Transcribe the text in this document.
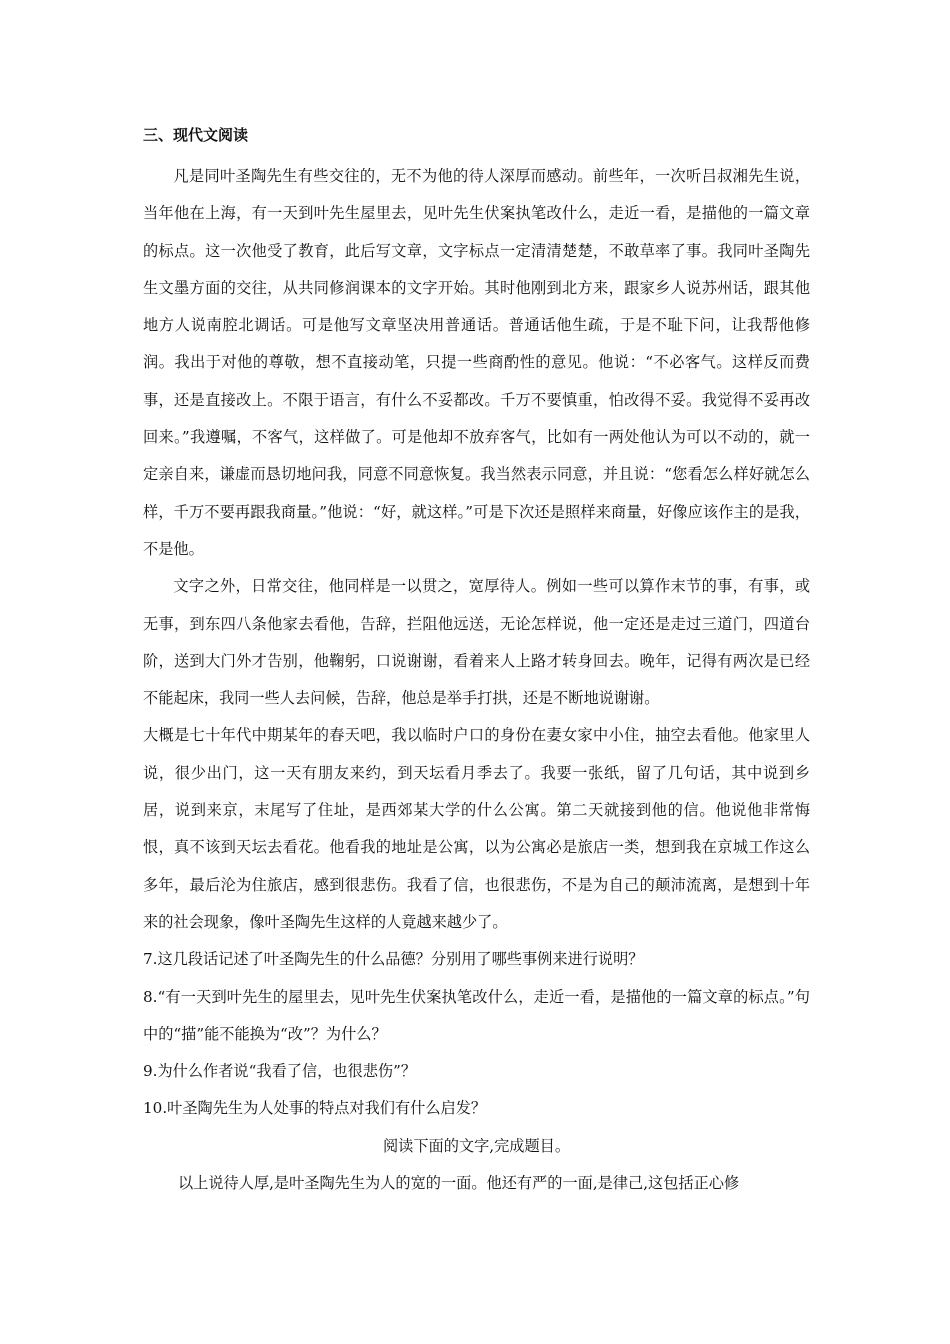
三、现代文阅读

凡是同叶圣陶先生有些交往的，无不为他的待人深厚而感动。前些年，一次听吕叔湘先生说，当年他在上海，有一天到叶先生屋里去，见叶先生伏案执笔改什么，走近一看，是描他的一篇文章的标点。这一次他受了教育，此后写文章，文字标点一定清清楚楚，不敢草率了事。我同叶圣陶先生文墨方面的交往，从共同修润课本的文字开始。其时他刚到北方来，跟家乡人说苏州话，跟其他地方人说南腔北调话。可是他写文章坚决用普通话。普通话他生疏，于是不耻下问，让我帮他修润。我出于对他的尊敬，想不直接动笔，只提一些商酌性的意见。他说：“不必客气。这样反而费事，还是直接改上。不限于语言，有什么不妥都改。千万不要慎重，怕改得不妥。我觉得不妥再改回来。”我遵嘱，不客气，这样做了。可是他却不放弃客气，比如有一两处他认为可以不动的，就一定亲自来，谦虚而恳切地问我，同意不同意恢复。我当然表示同意，并且说：“您看怎么样好就怎么样，千万不要再跟我商量。”他说：“好，就这样。”可是下次还是照样来商量，好像应该作主的是我，不是他。

文字之外，日常交往，他同样是一以贯之，宽厚待人。例如一些可以算作末节的事，有事，或无事，到东四八条他家去看他，告辞，拦阻他远送，无论怎样说，他一定还是走过三道门，四道台阶，送到大门外才告别，他鞠躬，口说谢谢，看着来人上路才转身回去。晚年，记得有两次是已经不能起床，我同一些人去问候，告辞，他总是举手打拱，还是不断地说谢谢。

大概是七十年代中期某年的春天吧，我以临时户口的身份在妻女家中小住，抽空去看他。他家里人说，很少出门，这一天有朋友来约，到天坛看月季去了。我要一张纸，留了几句话，其中说到乡居，说到来京，末尾写了住址，是西郊某大学的什么公寓。第二天就接到他的信。他说他非常悔恨，真不该到天坛去看花。他看我的地址是公寓，以为公寓必是旅店一类，想到我在京城工作这么多年，最后沦为住旅店，感到很悲伤。我看了信，也很悲伤，不是为自己的颠沛流离，是想到十年来的社会现象，像叶圣陶先生这样的人竟越来越少了。

7.这几段话记述了叶圣陶先生的什么品德？分别用了哪些事例来进行说明？

8.“有一天到叶先生的屋里去，见叶先生伏案执笔改什么，走近一看，是描他的一篇文章的标点。”句中的“描”能不能换为“改”？为什么？

9.为什么作者说“我看了信，也很悲伤”？

10.叶圣陶先生为人处事的特点对我们有什么启发？

阅读下面的文字,完成题目。

以上说待人厚,是叶圣陶先生为人的宽的一面。他还有严的一面,是律己,这包括正心修
